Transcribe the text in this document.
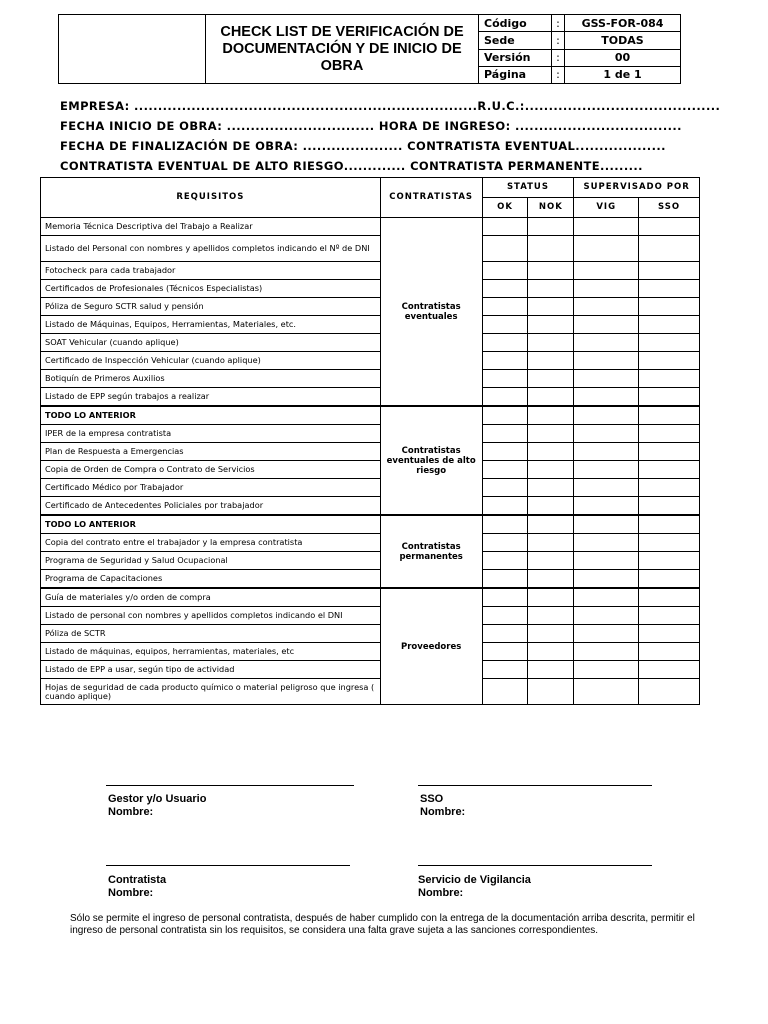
	CHECK LIST DE VERIFICACIÓN DE DOCUMENTACIÓN Y DE INICIO DE OBRA	Código	:	GSS-FOR-084
		Sede	:	TODAS
		Versión	:	00
		Página	:	1 de 1
EMPRESA: ........................................................................R.U.C.:.........................................
FECHA INICIO DE OBRA: ............................... HORA DE INGRESO: ...................................
FECHA DE FINALIZACIÓN DE OBRA: ..................... CONTRATISTA EVENTUAL...................
CONTRATISTA EVENTUAL DE ALTO RIESGO............. CONTRATISTA PERMANENTE.........
REQUISITOS	CONTRATISTAS	STATUS		SUPERVISADO POR	
		OK	NOK	VIG	SSO
Memoria Técnica Descriptiva del Trabajo a Realizar	Contratistas eventuales				
Listado del Personal con nombres y apellidos completos indicando el Nº de DNI					
Fotocheck para cada trabajador					
Certificados de Profesionales (Técnicos Especialistas)					
Póliza de Seguro SCTR salud y pensión					
Listado de Máquinas, Equipos, Herramientas, Materiales, etc.					
SOAT Vehicular (cuando aplique)					
Certificado de Inspección Vehicular (cuando aplique)					
Botiquín de Primeros Auxilios					
Listado de EPP según trabajos a realizar					
TODO LO ANTERIOR	Contratistas eventuales de alto riesgo				
IPER de la empresa contratista					
Plan de Respuesta a Emergencias					
Copia de Orden de Compra o Contrato de Servicios					
Certificado Médico por Trabajador					
Certificado de Antecedentes Policiales por trabajador					
TODO LO ANTERIOR	Contratistas permanentes				
Copia del contrato entre el trabajador y la empresa contratista					
Programa de Seguridad y Salud Ocupacional					
Programa de Capacitaciones					
Guía de materiales y/o orden de compra	Proveedores				
Listado de personal con nombres y apellidos completos indicando el DNI					
Póliza de SCTR					
Listado de máquinas, equipos, herramientas, materiales, etc					
Listado de EPP a usar, según tipo de actividad					
Hojas de seguridad de cada producto químico o material peligroso que ingresa ( cuando aplique)					
Gestor y/o Usuario
Nombre:
SSO
Nombre:
Contratista
Nombre:
Servicio de Vigilancia
Nombre:
Sólo se permite el ingreso de personal contratista, después de haber cumplido con la entrega de la documentación arriba descrita, permitir el ingreso de personal contratista sin los requisitos, se considera una falta grave sujeta a las sanciones correspondientes.
